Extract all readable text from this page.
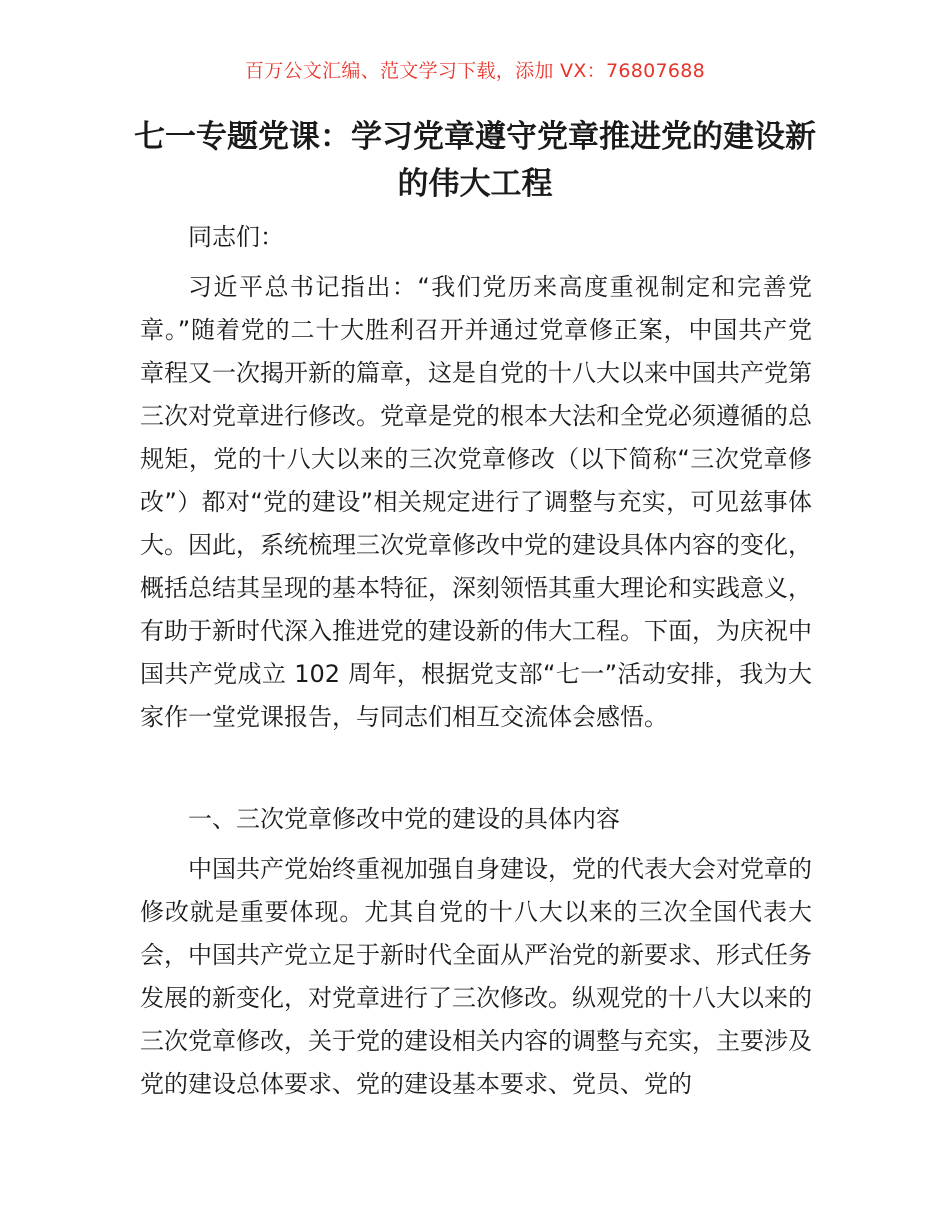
百万公文汇编、范文学习下载，添加 VX：76807688
七一专题党课：学习党章遵守党章推进党的建设新的伟大工程
同志们：

习近平总书记指出：“我们党历来高度重视制定和完善党章。”随着党的二十大胜利召开并通过党章修正案，中国共产党章程又一次揭开新的篇章，这是自党的十八大以来中国共产党第三次对党章进行修改。党章是党的根本大法和全党必须遵循的总规矩，党的十八大以来的三次党章修改（以下简称“三次党章修改”）都对“党的建设”相关规定进行了调整与充实，可见兹事体大。因此，系统梳理三次党章修改中党的建设具体内容的变化，概括总结其呈现的基本特征，深刻领悟其重大理论和实践意义，有助于新时代深入推进党的建设新的伟大工程。下面，为庆祝中国共产党成立 102 周年，根据党支部“七一”活动安排，我为大家作一堂党课报告，与同志们相互交流体会感悟。

一、三次党章修改中党的建设的具体内容

中国共产党始终重视加强自身建设，党的代表大会对党章的修改就是重要体现。尤其自党的十八大以来的三次全国代表大会，中国共产党立足于新时代全面从严治党的新要求、形式任务发展的新变化，对党章进行了三次修改。纵观党的十八大以来的三次党章修改，关于党的建设相关内容的调整与充实，主要涉及党的建设总体要求、党的建设基本要求、党员、党的
